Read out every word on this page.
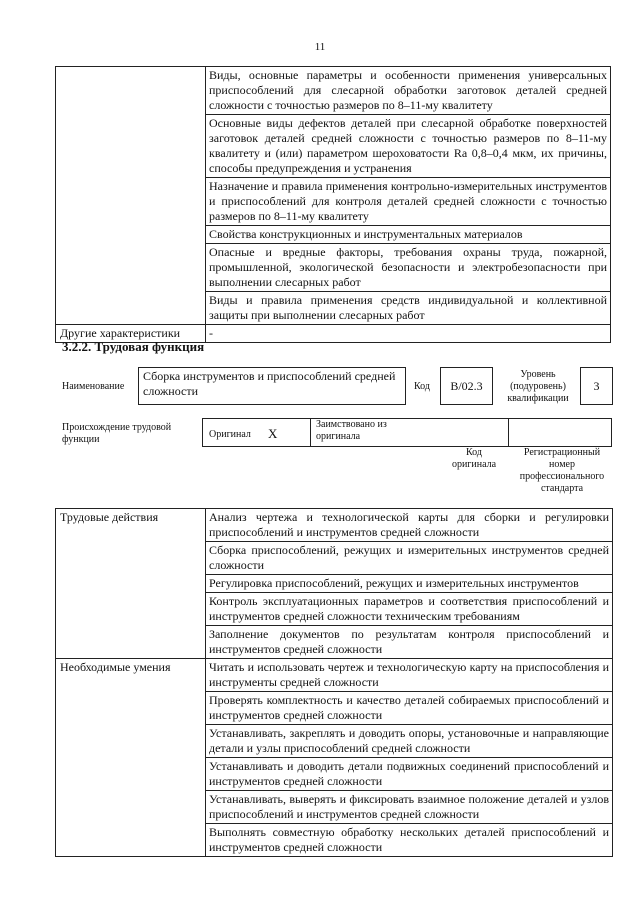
11
	Виды, основные параметры и особенности применения универсальных приспособлений для слесарной обработки заготовок деталей средней сложности с точностью размеров по 8–11-му квалитету
	Основные виды дефектов деталей при слесарной обработке поверхностей заготовок деталей средней сложности с точностью размеров по 8–11-му квалитету и (или) параметром шероховатости Ra 0,8–0,4 мкм, их причины, способы предупреждения и устранения
	Назначение и правила применения контрольно-измерительных инструментов и приспособлений для контроля деталей средней сложности с точностью размеров по 8–11-му квалитету
	Свойства конструкционных и инструментальных материалов
	Опасные и вредные факторы, требования охраны труда, пожарной, промышленной, экологической безопасности и электробезопасности при выполнении слесарных работ
	Виды и правила применения средств индивидуальной и коллективной защиты при выполнении слесарных работ
Другие характеристики	-
3.2.2. Трудовая функция
Наименование
Сборка инструментов и приспособлений средней сложности	Код	В/02.3
Уровень (подуровень) квалификации
3
Происхождение трудовой функции	Оригинал X
Заимствовано из оригинала
Код оригинала
Регистрационный номер профессионального стандарта
Трудовые действия	Анализ чертежа и технологической карты для сборки и регулировки приспособлений и инструментов средней сложности
	Сборка приспособлений, режущих и измерительных инструментов средней сложности
	Регулировка приспособлений, режущих и измерительных инструментов
	Контроль эксплуатационных параметров и соответствия приспособлений и инструментов средней сложности техническим требованиям
	Заполнение документов по результатам контроля приспособлений и инструментов средней сложности
Необходимые умения	Читать и использовать чертеж и технологическую карту на приспособления и инструменты средней сложности
	Проверять комплектность и качество деталей собираемых приспособлений и инструментов средней сложности
	Устанавливать, закреплять и доводить опоры, установочные и направляющие детали и узлы приспособлений средней сложности
	Устанавливать и доводить детали подвижных соединений приспособлений и инструментов средней сложности
	Устанавливать, выверять и фиксировать взаимное положение деталей и узлов приспособлений и инструментов средней сложности
	Выполнять совместную обработку нескольких деталей приспособлений и инструментов средней сложности
